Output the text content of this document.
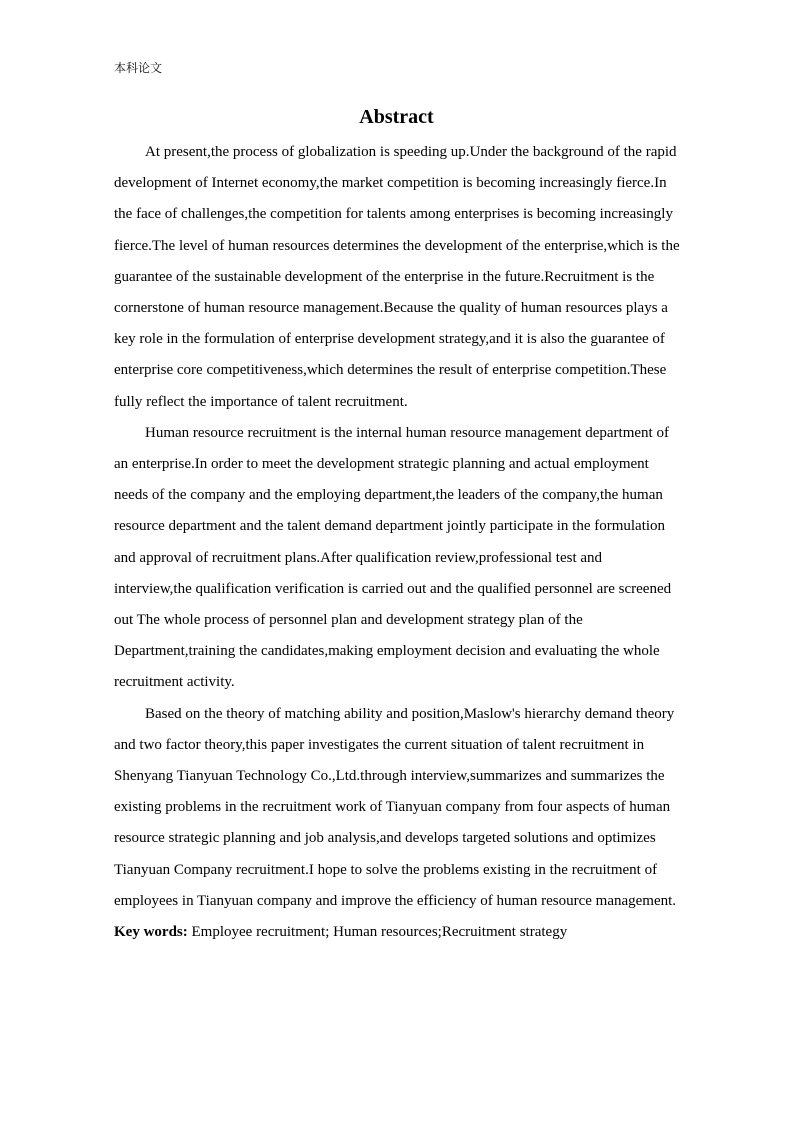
本科论文
Abstract
At present,the process of globalization is speeding up.Under the background of the rapid
development of Internet economy,the market competition is becoming increasingly fierce.In
the face of challenges,the competition for talents among enterprises is becoming increasingly
fierce.The level of human resources determines the development of the enterprise,which is the
guarantee of the sustainable development of the enterprise in the future.Recruitment is the
cornerstone of human resource management.Because the quality of human resources plays a
key role in the formulation of enterprise development strategy,and it is also the guarantee of
enterprise core competitiveness,which determines the result of enterprise competition.These
fully reflect the importance of talent recruitment.
Human resource recruitment is the internal human resource management department of
an enterprise.In order to meet the development strategic planning and actual employment
needs of the company and the employing department,the leaders of the company,the human
resource department and the talent demand department jointly participate in the formulation
and approval of recruitment plans.After qualification review,professional test and
interview,the qualification verification is carried out and the qualified personnel are screened
out The whole process of personnel plan and development strategy plan of the
Department,training the candidates,making employment decision and evaluating the whole
recruitment activity.
Based on the theory of matching ability and position,Maslow's hierarchy demand theory
and two factor theory,this paper investigates the current situation of talent recruitment in
Shenyang Tianyuan Technology Co.,Ltd.through interview,summarizes and summarizes the
existing problems in the recruitment work of Tianyuan company from four aspects of human
resource strategic planning and job analysis,and develops targeted solutions and optimizes
Tianyuan Company recruitment.I hope to solve the problems existing in the recruitment of
employees in Tianyuan company and improve the efficiency of human resource management.
Key words: Employee recruitment; Human resources;Recruitment strategy
